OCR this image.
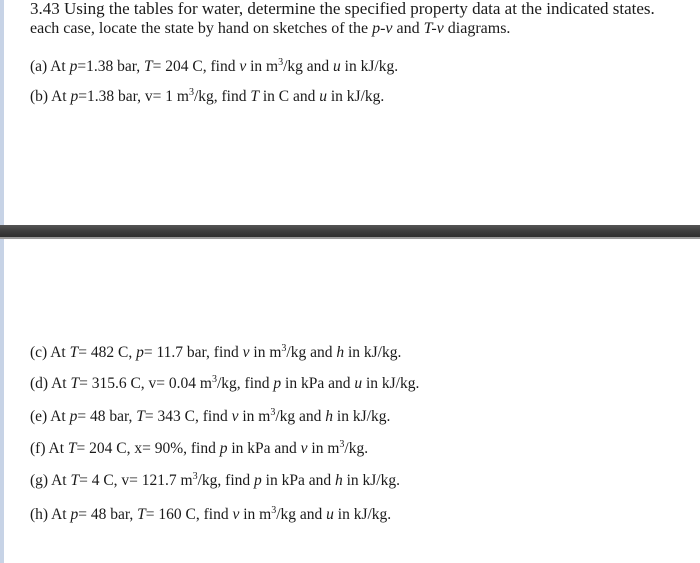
3.43 Using the tables for water, determine the specified property data at the indicated states.
each case, locate the state by hand on sketches of the p-v and T-v diagrams.
(a) At p=1.38 bar, T= 204 C, find v in $m^3/kg$ and u in kJ/kg.
(b) At p=1.38 bar, v= 1 $m^3/kg$, find T in C and u in kJ/kg.
(c) At T= 482 C, p= 11.7 bar, find v in $m^3/kg$ and h in kJ/kg.
(d) At T= 315.6 C, v= 0.04 $m^3/kg$, find p in kPa and u in kJ/kg.
(e) At p= 48 bar, T= 343 C, find v in $m^3/kg$ and h in kJ/kg.
(f) At T= 204 C, x= 90%, find p in kPa and v in $m^3/kg$.
(g) At T= 4 C, v= 121.7 $m^3/kg$, find p in kPa and h in kJ/kg.
(h) At p= 48 bar, T= 160 C, find v in $m^3/kg$ and u in kJ/kg.
